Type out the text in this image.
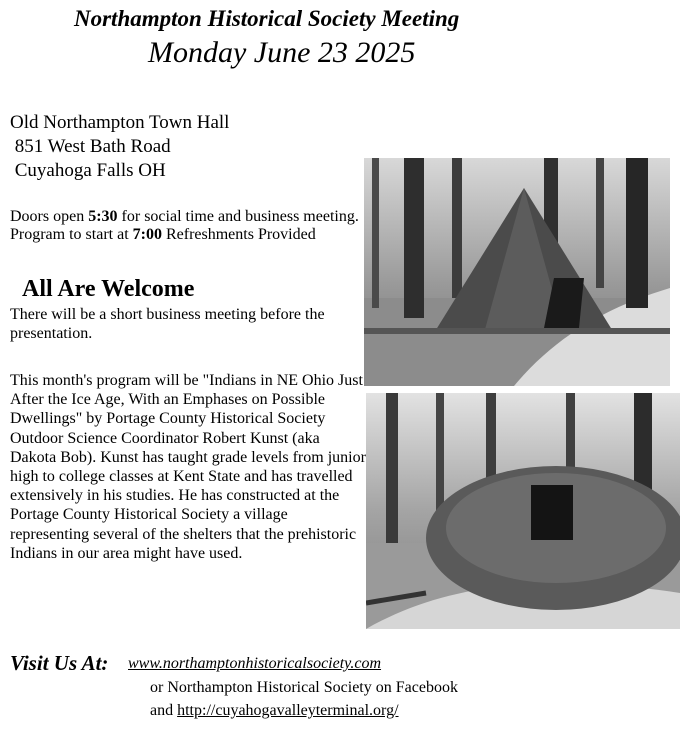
Northampton Historical Society Meeting
Monday June 23 2025
Old Northampton Town Hall
851 West Bath Road
Cuyahoga Falls OH
Doors open 5:30 for social time and business meeting. Program to start at 7:00 Refreshments Provided
All Are Welcome
There will be a short business meeting before the presentation.
This month's program will be "Indians in NE Ohio Just After the Ice Age, With an Emphases on Possible Dwellings" by Portage County Historical Society Outdoor Science Coordinator Robert Kunst (aka Dakota Bob). Kunst has taught grade levels from junior high to college classes at Kent State and has travelled extensively in his studies. He has constructed at the Portage County Historical Society a village representing several of the shelters that the prehistoric Indians in our area might have used.
Visit Us At: www.northamptonhistoricalsociety.com
or Northampton Historical Society on Facebook
and http://cuyahogavalleyterminal.org/
